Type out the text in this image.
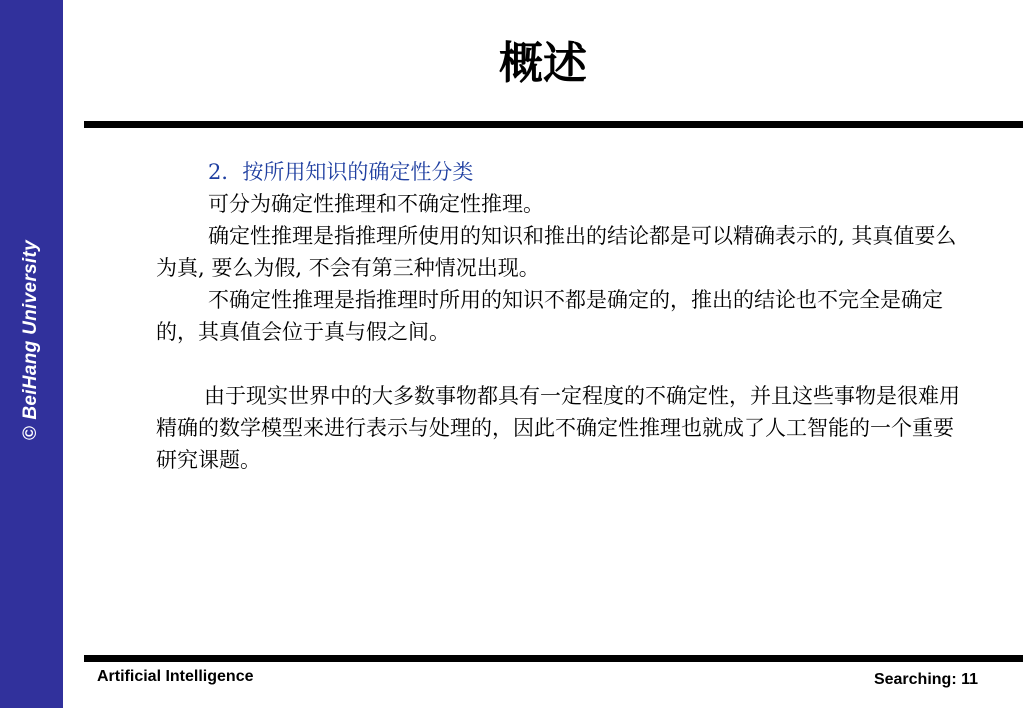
©BeiHang University
概述

2．按所用知识的确定性分类

可分为确定性推理和不确定性推理。

确定性推理是指推理所使用的知识和推出的结论都是可以精确表示的, 其真值要么为真, 要么为假, 不会有第三种情况出现。

不确定性推理是指推理时所用的知识不都是确定的，推出的结论也不完全是确定的，其真值会位于真与假之间。

由于现实世界中的大多数事物都具有一定程度的不确定性，并且这些事物是很难用精确的数学模型来进行表示与处理的，因此不确定性推理也就成了人工智能的一个重要研究课题。

Artificial Intelligence	Searching: 11
